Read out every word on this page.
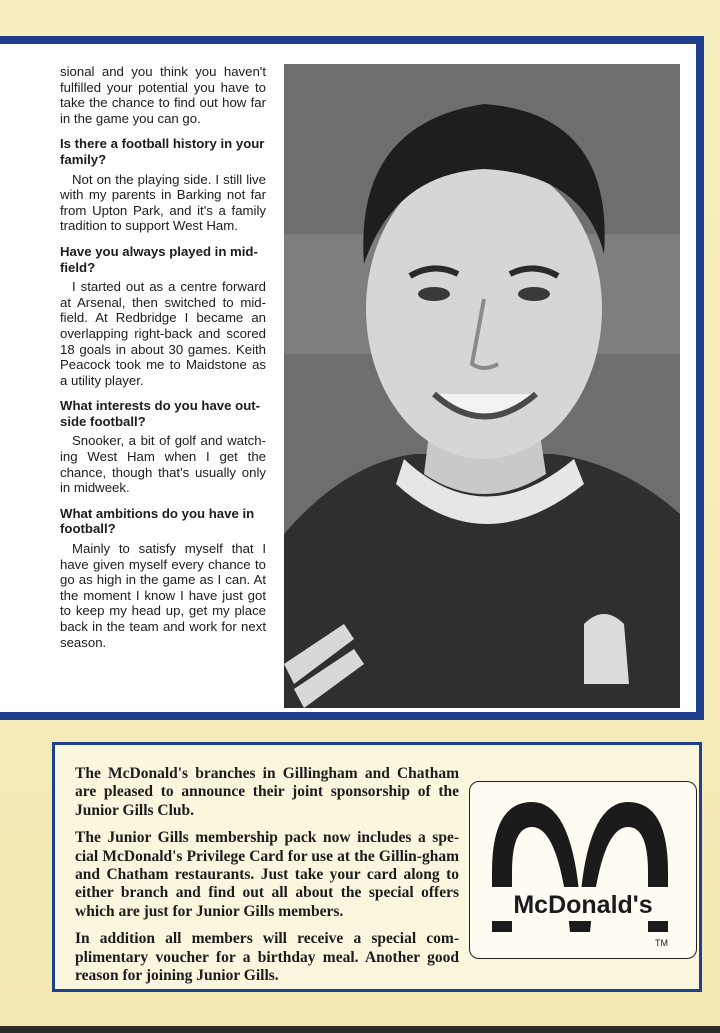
sional and you think you haven't fulfilled your potential you have to take the chance to find out how far in the game you can go.

Is there a football history in your family?

Not on the playing side. I still live with my parents in Barking not far from Upton Park, and it's a family tradition to support West Ham.

Have you always played in mid-field?

I started out as a centre forward at Arsenal, then switched to mid-field. At Redbridge I became an overlapping right-back and scored 18 goals in about 30 games. Keith Peacock took me to Maidstone as a utility player.

What interests do you have out-side football?

Snooker, a bit of golf and watch-ing West Ham when I get the chance, though that's usually only in midweek.

What ambitions do you have in football?

Mainly to satisfy myself that I have given myself every chance to go as high in the game as I can. At the moment I know I have just got to keep my head up, get my place back in the team and work for next season.

The McDonald's branches in Gillingham and Chatham are pleased to announce their joint sponsorship of the Junior Gills Club.

The Junior Gills membership pack now includes a spe-cial McDonald's Privilege Card for use at the Gillin-gham and Chatham restaurants. Just take your card along to either branch and find out all about the special offers which are just for Junior Gills members.

In addition all members will receive a special com-plimentary voucher for a birthday meal. Another good reason for joining Junior Gills.

McDonald's
TM
